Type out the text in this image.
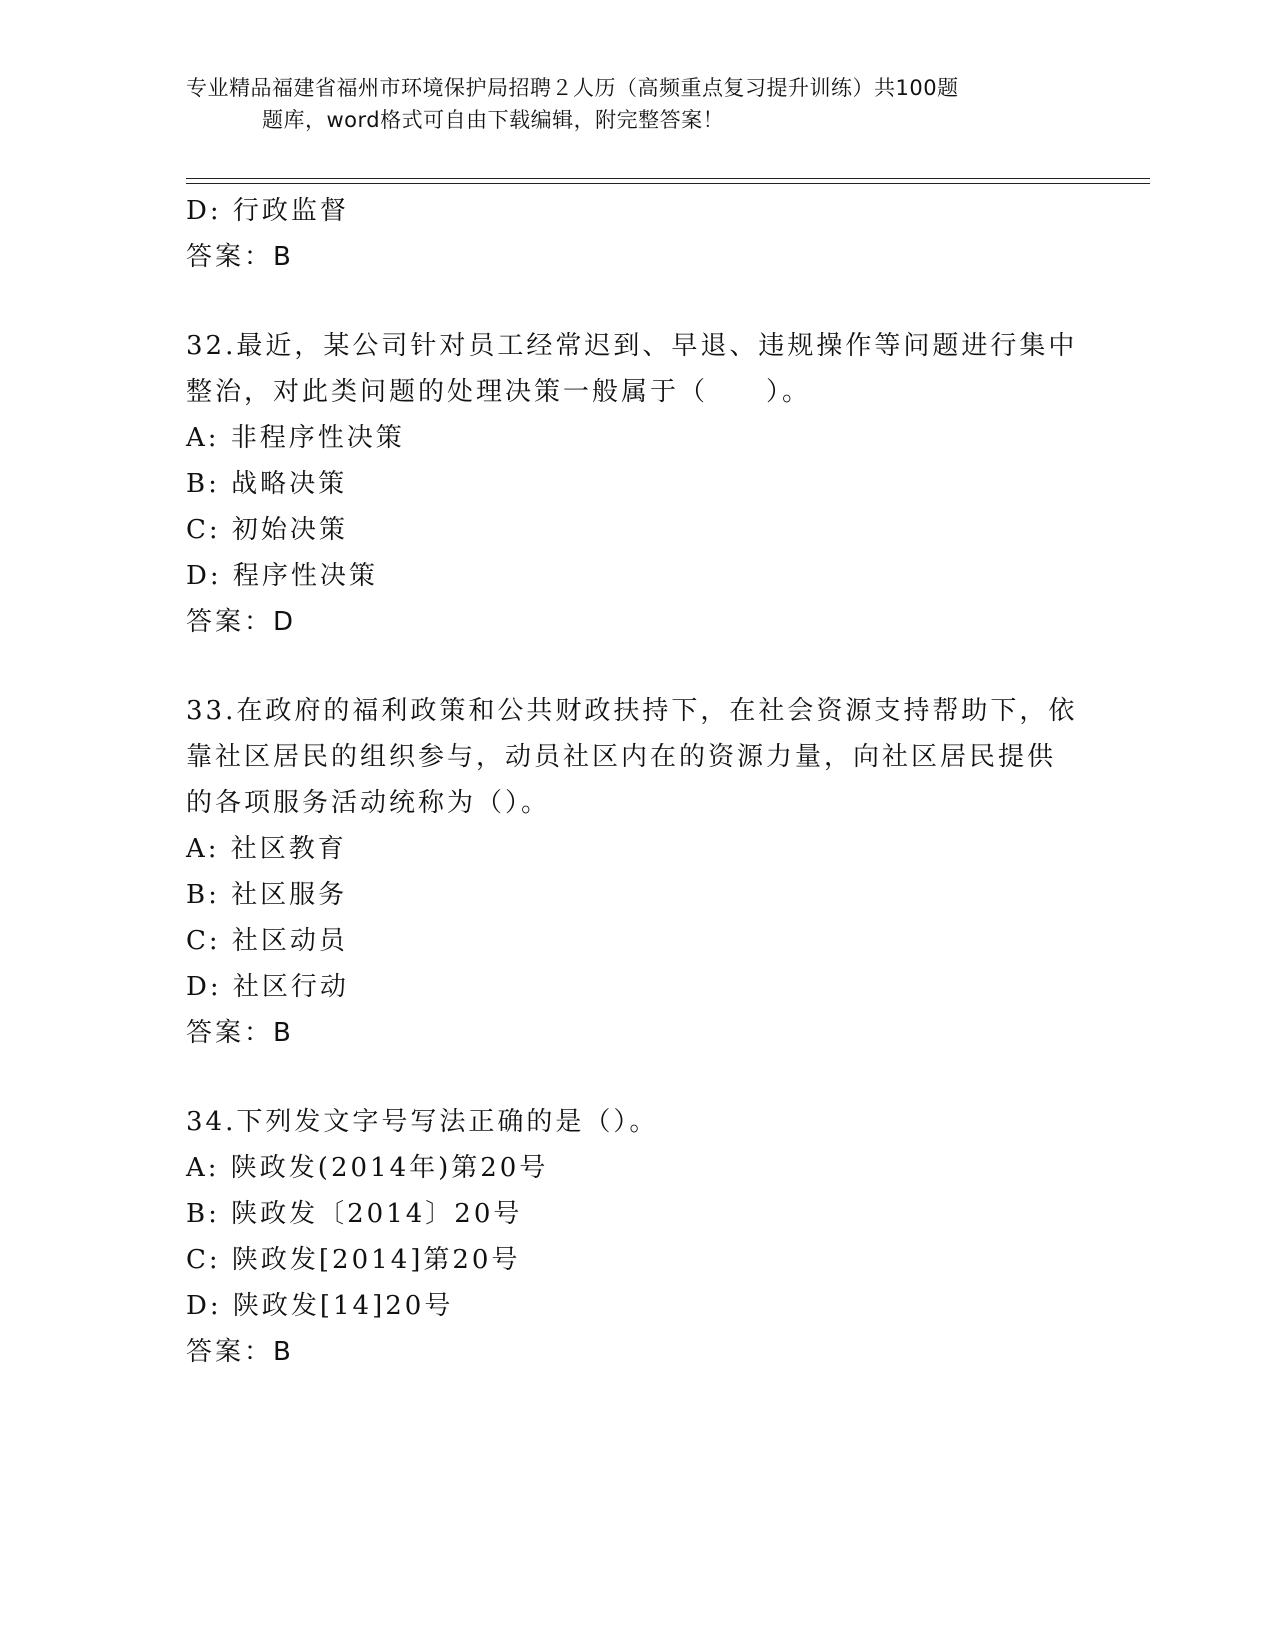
专业精品福建省福州市环境保护局招聘２人历（高频重点复习提升训练）共100题
题库，word格式可自由下载编辑，附完整答案！
D: 行政监督
答案：B
32.最近，某公司针对员工经常迟到、早退、违规操作等问题进行集中
整治，对此类问题的处理决策一般属于（　　）。
A: 非程序性决策
B: 战略决策
C: 初始决策
D: 程序性决策
答案：D
33.在政府的福利政策和公共财政扶持下，在社会资源支持帮助下，依
靠社区居民的组织参与，动员社区内在的资源力量，向社区居民提供
的各项服务活动统称为（）。
A: 社区教育
B: 社区服务
C: 社区动员
D: 社区行动
答案：B
34.下列发文字号写法正确的是（）。
A: 陕政发(2014年)第20号
B: 陕政发〔2014〕20号
C: 陕政发[2014]第20号
D: 陕政发[14]20号
答案：B
